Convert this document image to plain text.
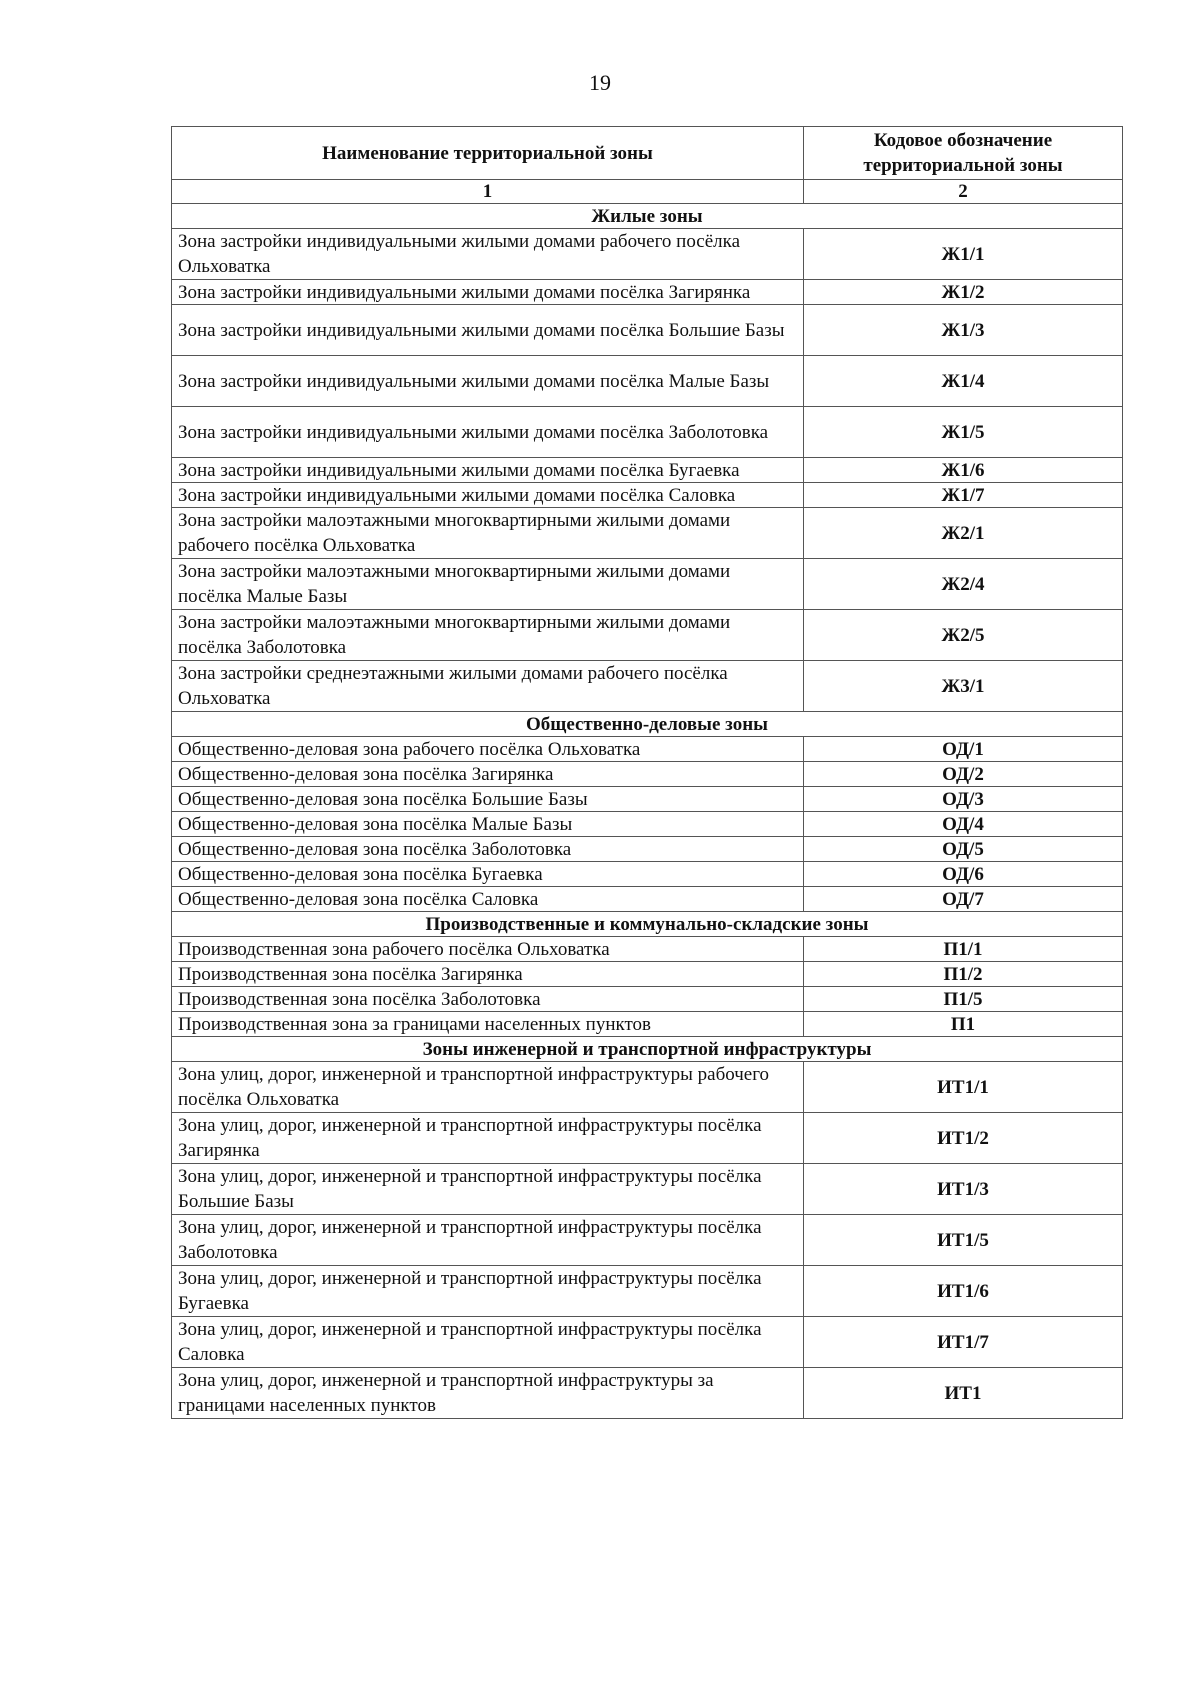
19
Наименование территориальной зоны	Кодовое обозначение территориальной зоны
1	2
Жилые зоны	
Зона застройки индивидуальными жилыми домами рабочего посёлка Ольховатка	Ж1/1
Зона застройки индивидуальными жилыми домами посёлка Загирянка	Ж1/2
Зона застройки индивидуальными жилыми домами посёлка Большие Базы	Ж1/3
Зона застройки индивидуальными жилыми домами посёлка Малые Базы	Ж1/4
Зона застройки индивидуальными жилыми домами посёлка Заболотовка	Ж1/5
Зона застройки индивидуальными жилыми домами посёлка Бугаевка	Ж1/6
Зона застройки индивидуальными жилыми домами посёлка Саловка	Ж1/7
Зона застройки малоэтажными многоквартирными жилыми домами рабочего посёлка Ольховатка	Ж2/1
Зона застройки малоэтажными многоквартирными жилыми домами посёлка Малые Базы	Ж2/4
Зона застройки малоэтажными многоквартирными жилыми домами посёлка Заболотовка	Ж2/5
Зона застройки среднеэтажными жилыми домами рабочего посёлка Ольховатка	Ж3/1
Общественно-деловые зоны	
Общественно-деловая зона рабочего посёлка Ольховатка	ОД/1
Общественно-деловая зона посёлка Загирянка	ОД/2
Общественно-деловая зона посёлка Большие Базы	ОД/3
Общественно-деловая зона посёлка Малые Базы	ОД/4
Общественно-деловая зона посёлка Заболотовка	ОД/5
Общественно-деловая зона посёлка Бугаевка	ОД/6
Общественно-деловая зона посёлка Саловка	ОД/7
Производственные и коммунально-складские зоны	
Производственная зона рабочего посёлка Ольховатка	П1/1
Производственная зона посёлка Загирянка	П1/2
Производственная зона посёлка Заболотовка	П1/5
Производственная зона за границами населенных пунктов	П1
Зоны инженерной и транспортной инфраструктуры	
Зона улиц, дорог, инженерной и транспортной инфраструктуры рабочего посёлка Ольховатка	ИТ1/1
Зона улиц, дорог, инженерной и транспортной инфраструктуры посёлка Загирянка	ИТ1/2
Зона улиц, дорог, инженерной и транспортной инфраструктуры посёлка Большие Базы	ИТ1/3
Зона улиц, дорог, инженерной и транспортной инфраструктуры посёлка Заболотовка	ИТ1/5
Зона улиц, дорог, инженерной и транспортной инфраструктуры посёлка Бугаевка	ИТ1/6
Зона улиц, дорог, инженерной и транспортной инфраструктуры посёлка Саловка	ИТ1/7
Зона улиц, дорог, инженерной и транспортной инфраструктуры за границами населенных пунктов	ИТ1
